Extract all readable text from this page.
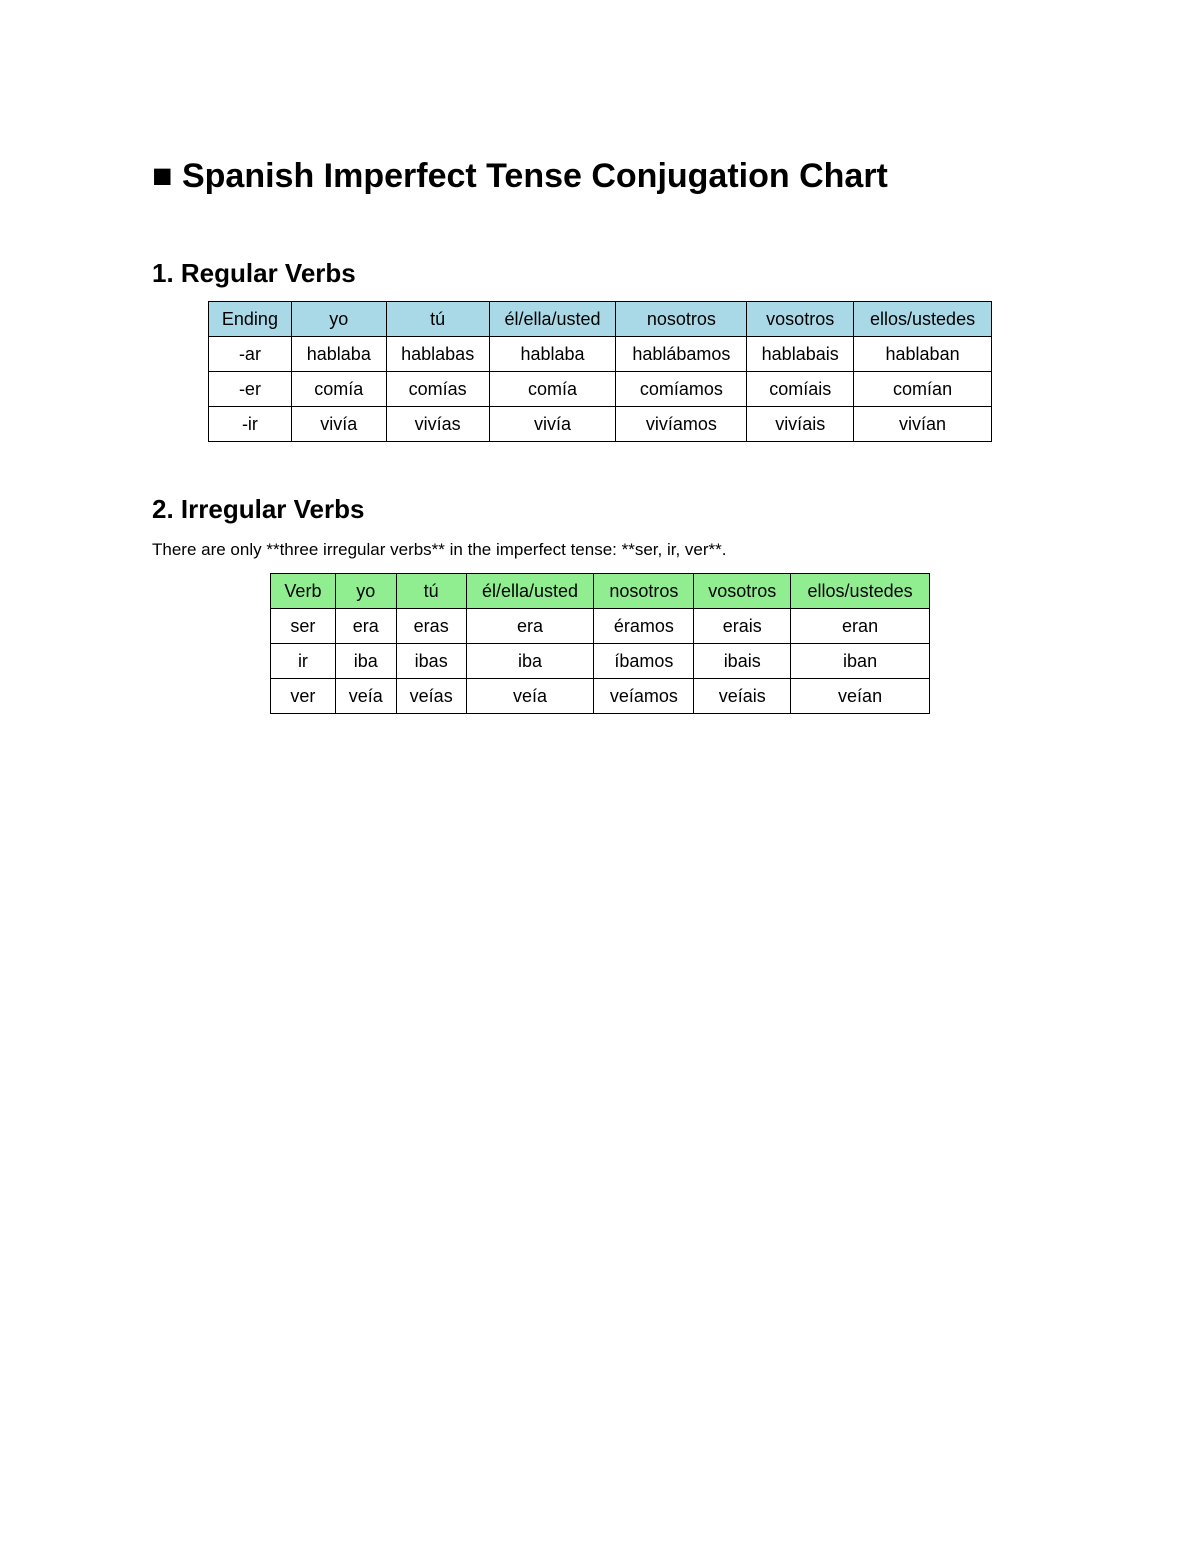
■ Spanish Imperfect Tense Conjugation Chart
1. Regular Verbs
Ending	yo	tú	él/ella/usted	nosotros	vosotros	ellos/ustedes
-ar	hablaba	hablabas	hablaba	hablábamos	hablabais	hablaban
-er	comía	comías	comía	comíamos	comíais	comían
-ir	vivía	vivías	vivía	vivíamos	vivíais	vivían
2. Irregular Verbs

There are only **three irregular verbs** in the imperfect tense: **ser, ir, ver**.

Verb	yo	tú	él/ella/usted	nosotros	vosotros	ellos/ustedes
ser	era	eras	era	éramos	erais	eran
ir	iba	ibas	iba	íbamos	ibais	iban
ver	veía	veías	veía	veíamos	veíais	veían
